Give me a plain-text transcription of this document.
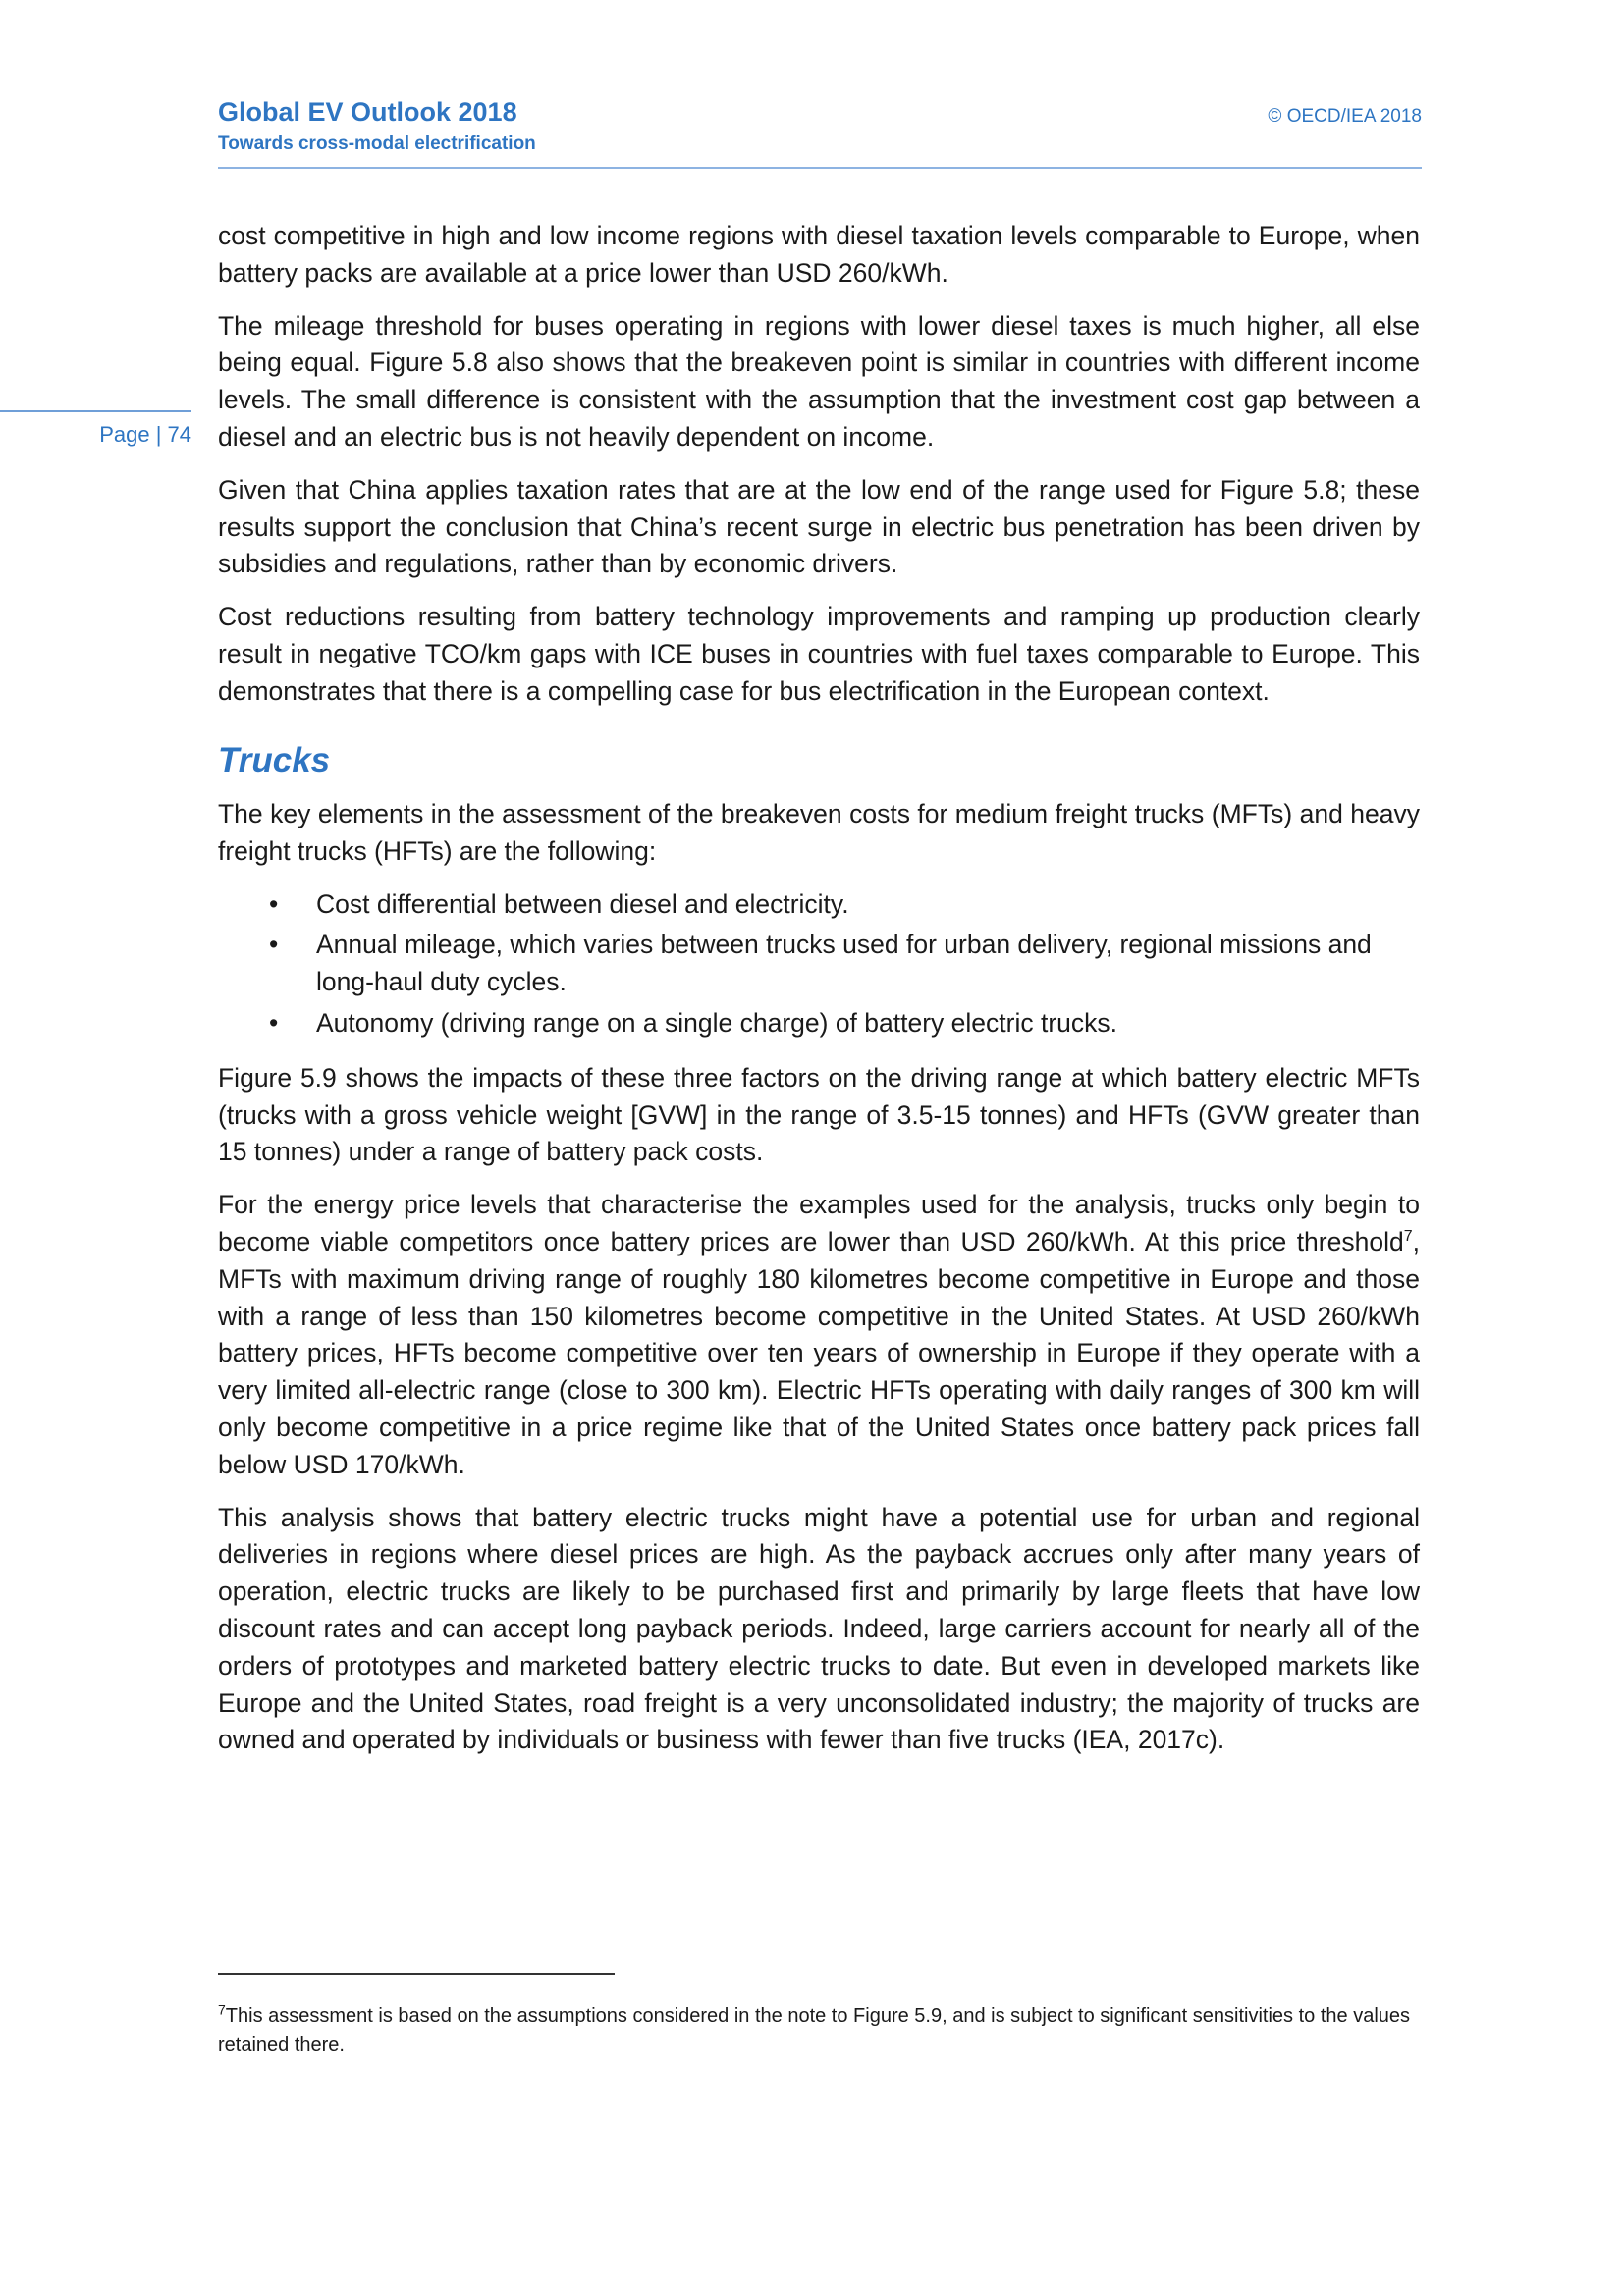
Global EV Outlook 2018
Towards cross-modal electrification
© OECD/IEA 2018
Page | 74

cost competitive in high and low income regions with diesel taxation levels comparable to Europe, when battery packs are available at a price lower than USD 260/kWh.

The mileage threshold for buses operating in regions with lower diesel taxes is much higher, all else being equal. Figure 5.8 also shows that the breakeven point is similar in countries with different income levels. The small difference is consistent with the assumption that the investment cost gap between a diesel and an electric bus is not heavily dependent on income.

Given that China applies taxation rates that are at the low end of the range used for Figure 5.8; these results support the conclusion that China’s recent surge in electric bus penetration has been driven by subsidies and regulations, rather than by economic drivers.

Cost reductions resulting from battery technology improvements and ramping up production clearly result in negative TCO/km gaps with ICE buses in countries with fuel taxes comparable to Europe. This demonstrates that there is a compelling case for bus electrification in the European context.

Trucks

The key elements in the assessment of the breakeven costs for medium freight trucks (MFTs) and heavy freight trucks (HFTs) are the following:

• Cost differential between diesel and electricity.
• Annual mileage, which varies between trucks used for urban delivery, regional missions and long-haul duty cycles.
• Autonomy (driving range on a single charge) of battery electric trucks.

Figure 5.9 shows the impacts of these three factors on the driving range at which battery electric MFTs (trucks with a gross vehicle weight [GVW] in the range of 3.5-15 tonnes) and HFTs (GVW greater than 15 tonnes) under a range of battery pack costs.

For the energy price levels that characterise the examples used for the analysis, trucks only begin to become viable competitors once battery prices are lower than USD 260/kWh. At this price threshold$^7$, MFTs with maximum driving range of roughly 180 kilometres become competitive in Europe and those with a range of less than 150 kilometres become competitive in the United States. At USD 260/kWh battery prices, HFTs become competitive over ten years of ownership in Europe if they operate with a very limited all-electric range (close to 300 km). Electric HFTs operating with daily ranges of 300 km will only become competitive in a price regime like that of the United States once battery pack prices fall below USD 170/kWh.

This analysis shows that battery electric trucks might have a potential use for urban and regional deliveries in regions where diesel prices are high. As the payback accrues only after many years of operation, electric trucks are likely to be purchased first and primarily by large fleets that have low discount rates and can accept long payback periods. Indeed, large carriers account for nearly all of the orders of prototypes and marketed battery electric trucks to date. But even in developed markets like Europe and the United States, road freight is a very unconsolidated industry; the majority of trucks are owned and operated by individuals or business with fewer than five trucks (IEA, 2017c).

$^7$This assessment is based on the assumptions considered in the note to Figure 5.9, and is subject to significant sensitivities to the values retained there.
